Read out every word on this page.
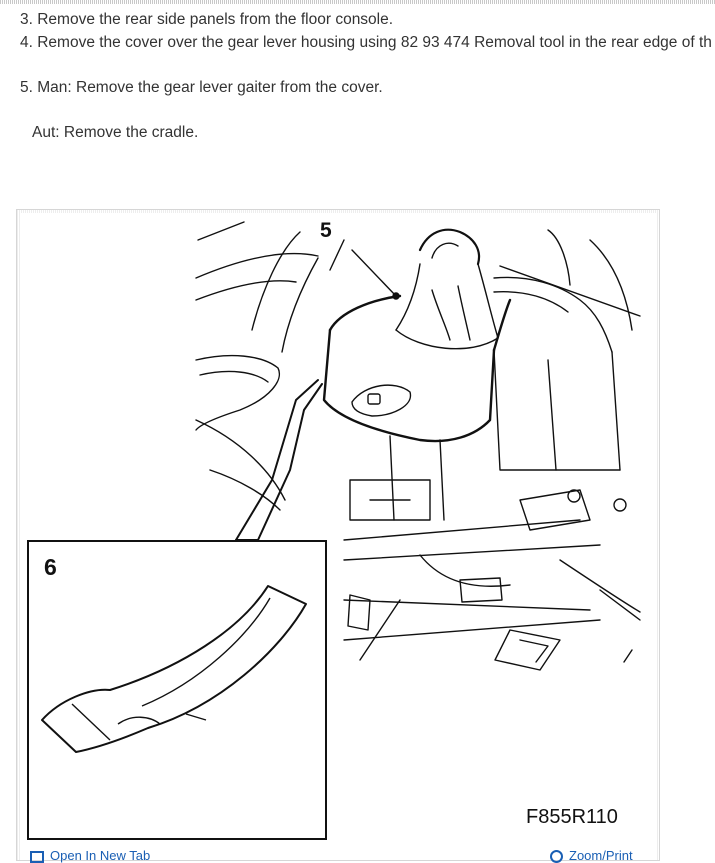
3. Remove the rear side panels from the floor console.
4. Remove the cover over the gear lever housing using 82 93 474 Removal tool in the rear edge of th
5. Man: Remove the gear lever gaiter from the cover.
Aut: Remove the cradle.
5
6
F855R110
Open In New Tab	Zoom/Print
